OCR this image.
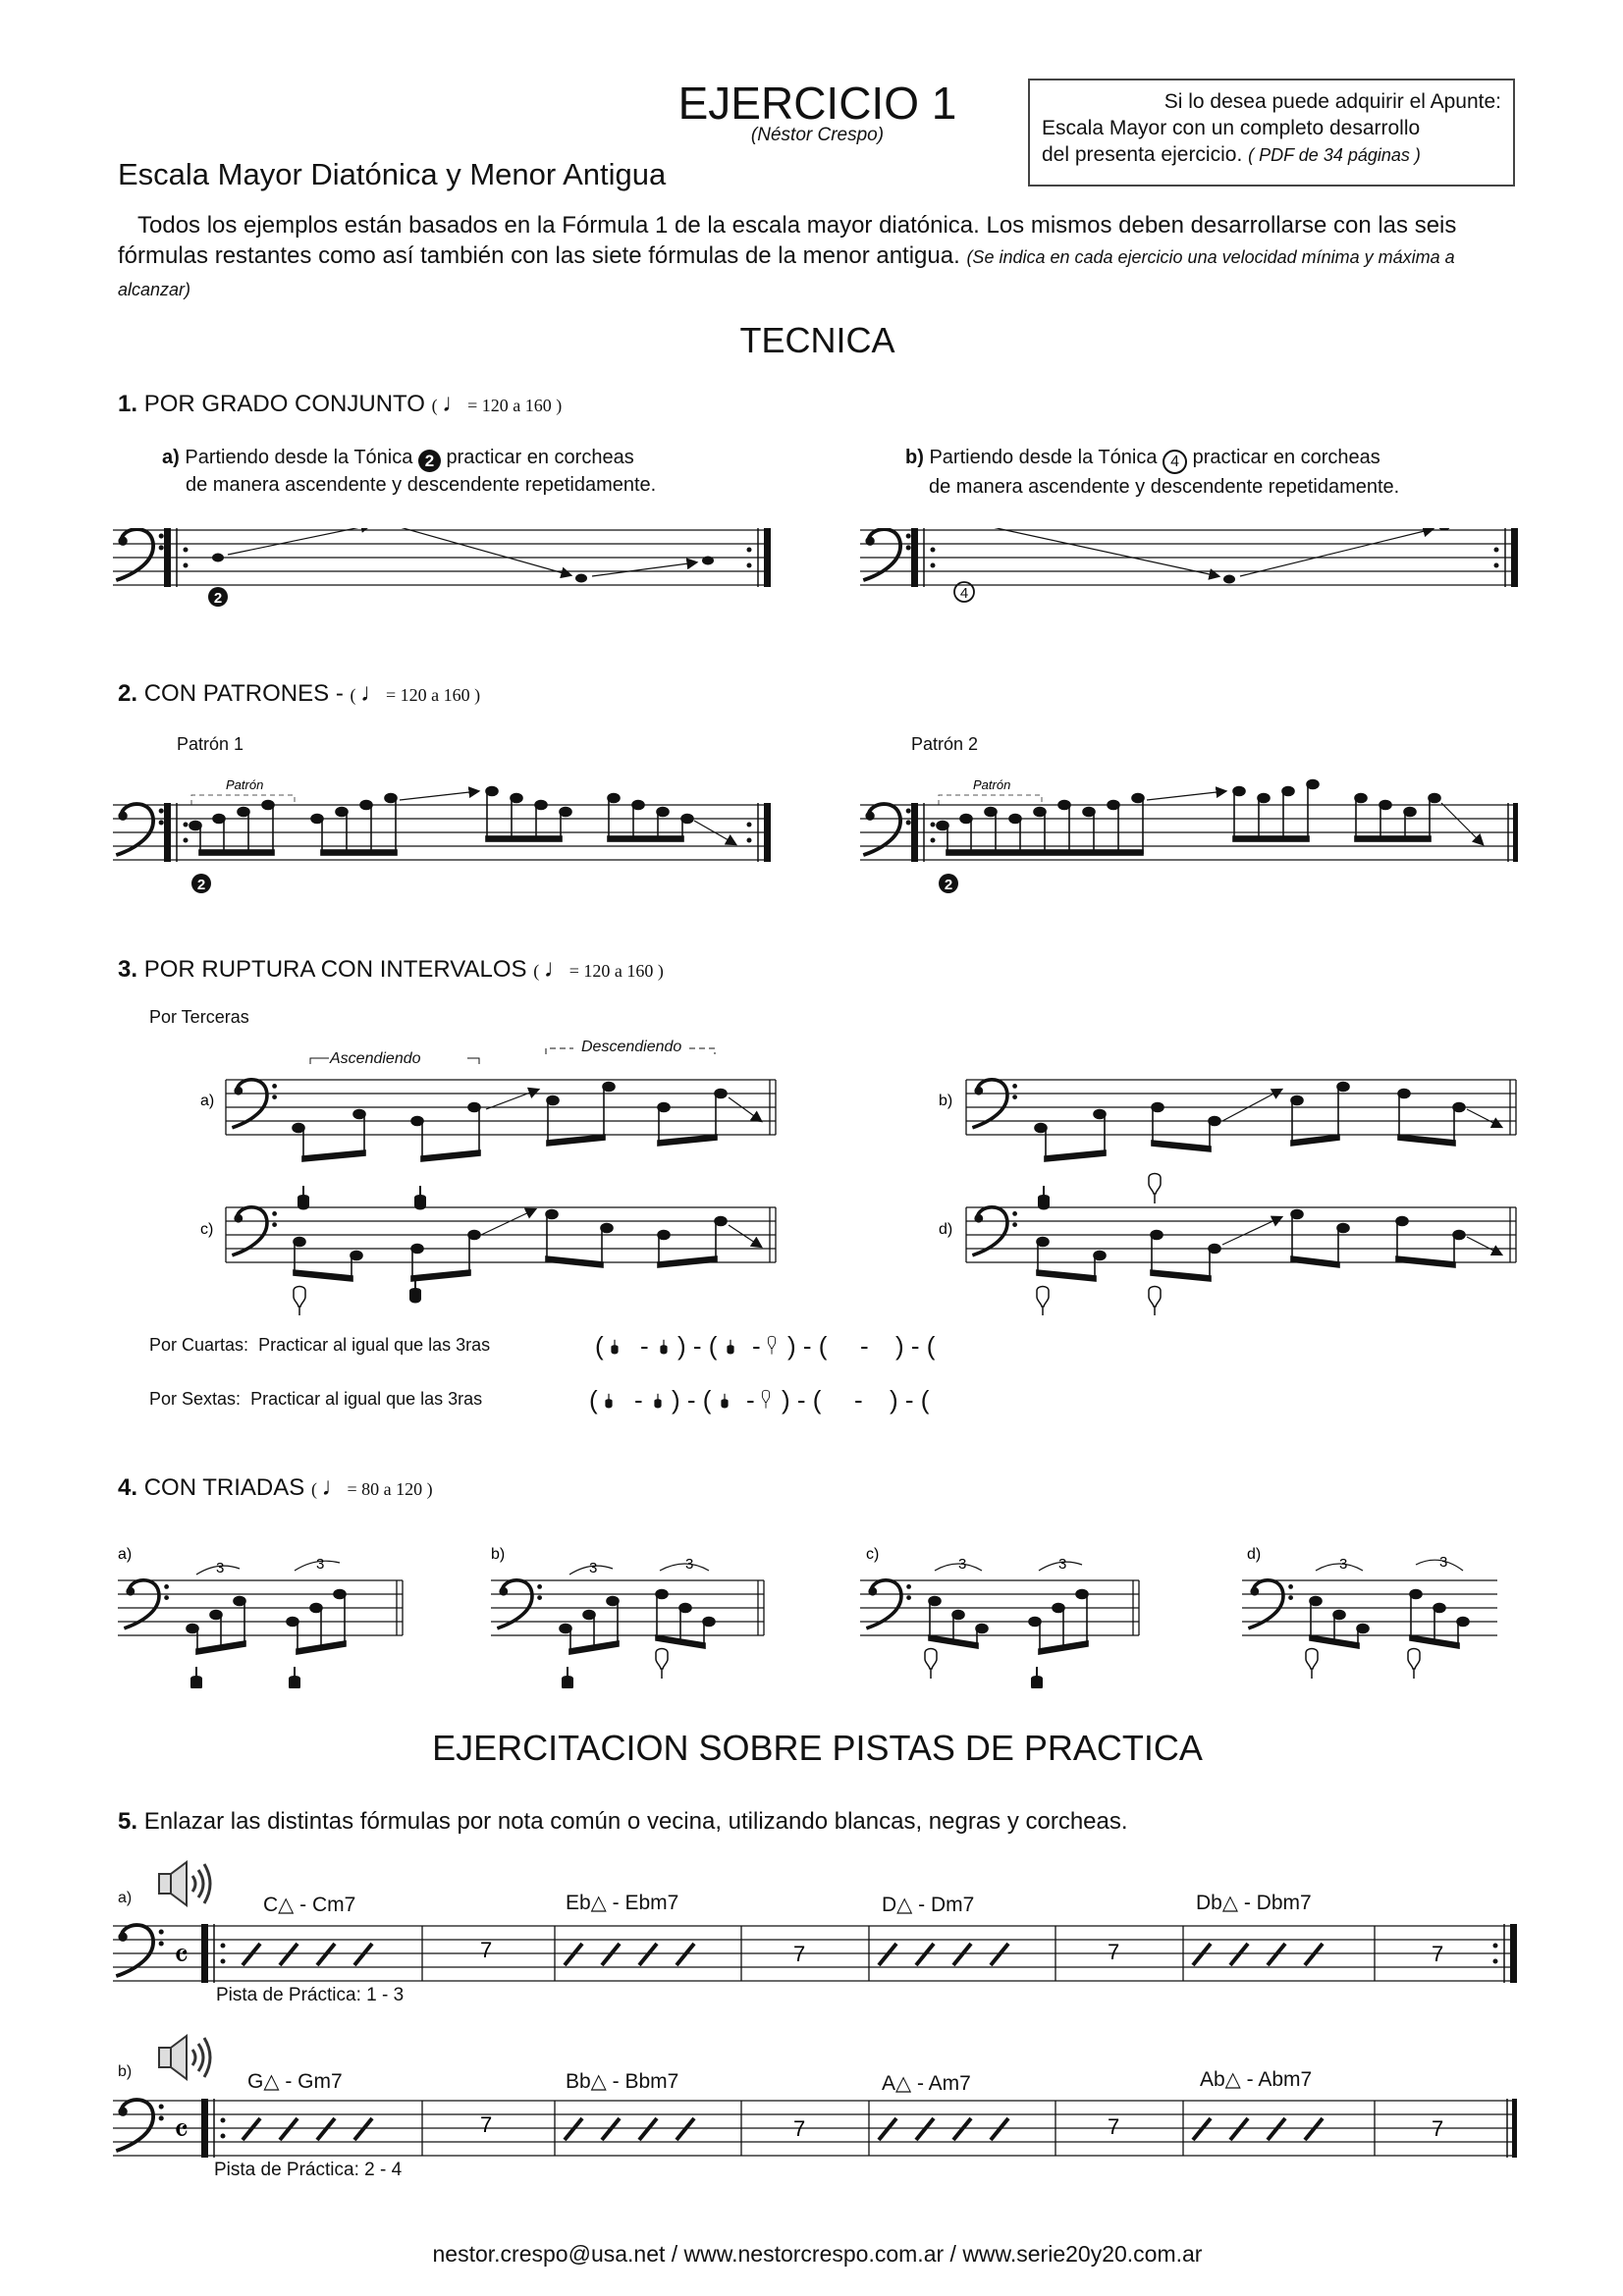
EJERCICIO 1
(Néstor Crespo)
Escala Mayor Diatónica y Menor Antigua
Si lo desea puede adquirir el Apunte:
Escala Mayor con un completo desarrollo
del presenta ejercicio. ( PDF de 34 páginas )
Todos los ejemplos están basados en la Fórmula 1 de la escala mayor diatónica. Los mismos deben desarrollarse con las seis fórmulas restantes como así también con las siete fórmulas de la menor antigua. (Se indica en cada ejercicio una velocidad mínima y máxima a alcanzar)
TECNICA
1. POR GRADO CONJUNTO ( ♩= 120 a 160 )
a) Partiendo desde la Tónica 2 practicar en corcheas
de manera ascendente y descendente repetidamente.
b) Partiendo desde la Tónica 4 practicar en corcheas
de manera ascendente y descendente repetidamente.
2	4
2. CON PATRONES - ( ♩= 120 a 160 )
Patrón 1	Patrón 2
Patrón
2
Patrón
2
3. POR RUPTURA CON INTERVALOS ( ♩= 120 a 160 )
Por Terceras
Ascendiendo
Descendiendo
a)	b)
c)	d)
Por Cuartas: Practicar al igual que las 3ras	( - ) - ( - ) - ( - ) - (
Por Sextas: Practicar al igual que las 3ras	( - ) - ( - ) - ( - ) - (
4. CON TRIADAS ( ♩= 80 a 120 )
a)
3	3
b)
3	3
c)
3	3
d)
3	3
EJERCITACION SOBRE PISTAS DE PRACTICA
5. Enlazar las distintas fórmulas por nota común o vecina, utilizando blancas, negras y corcheas.
a)	C△ - Cm7	Eb△ - Ebm7	D△ - Dm7	Db△ - Dbm7
𝄴	7	7	7	7
Pista de Práctica: 1 - 3
b)	G△ - Gm7	Bb△ - Bbm7	A△ - Am7	Ab△ - Abm7
𝄴	7	7	7	7
Pista de Práctica: 2 - 4
nestor.crespo@usa.net / www.nestorcrespo.com.ar / www.serie20y20.com.ar
